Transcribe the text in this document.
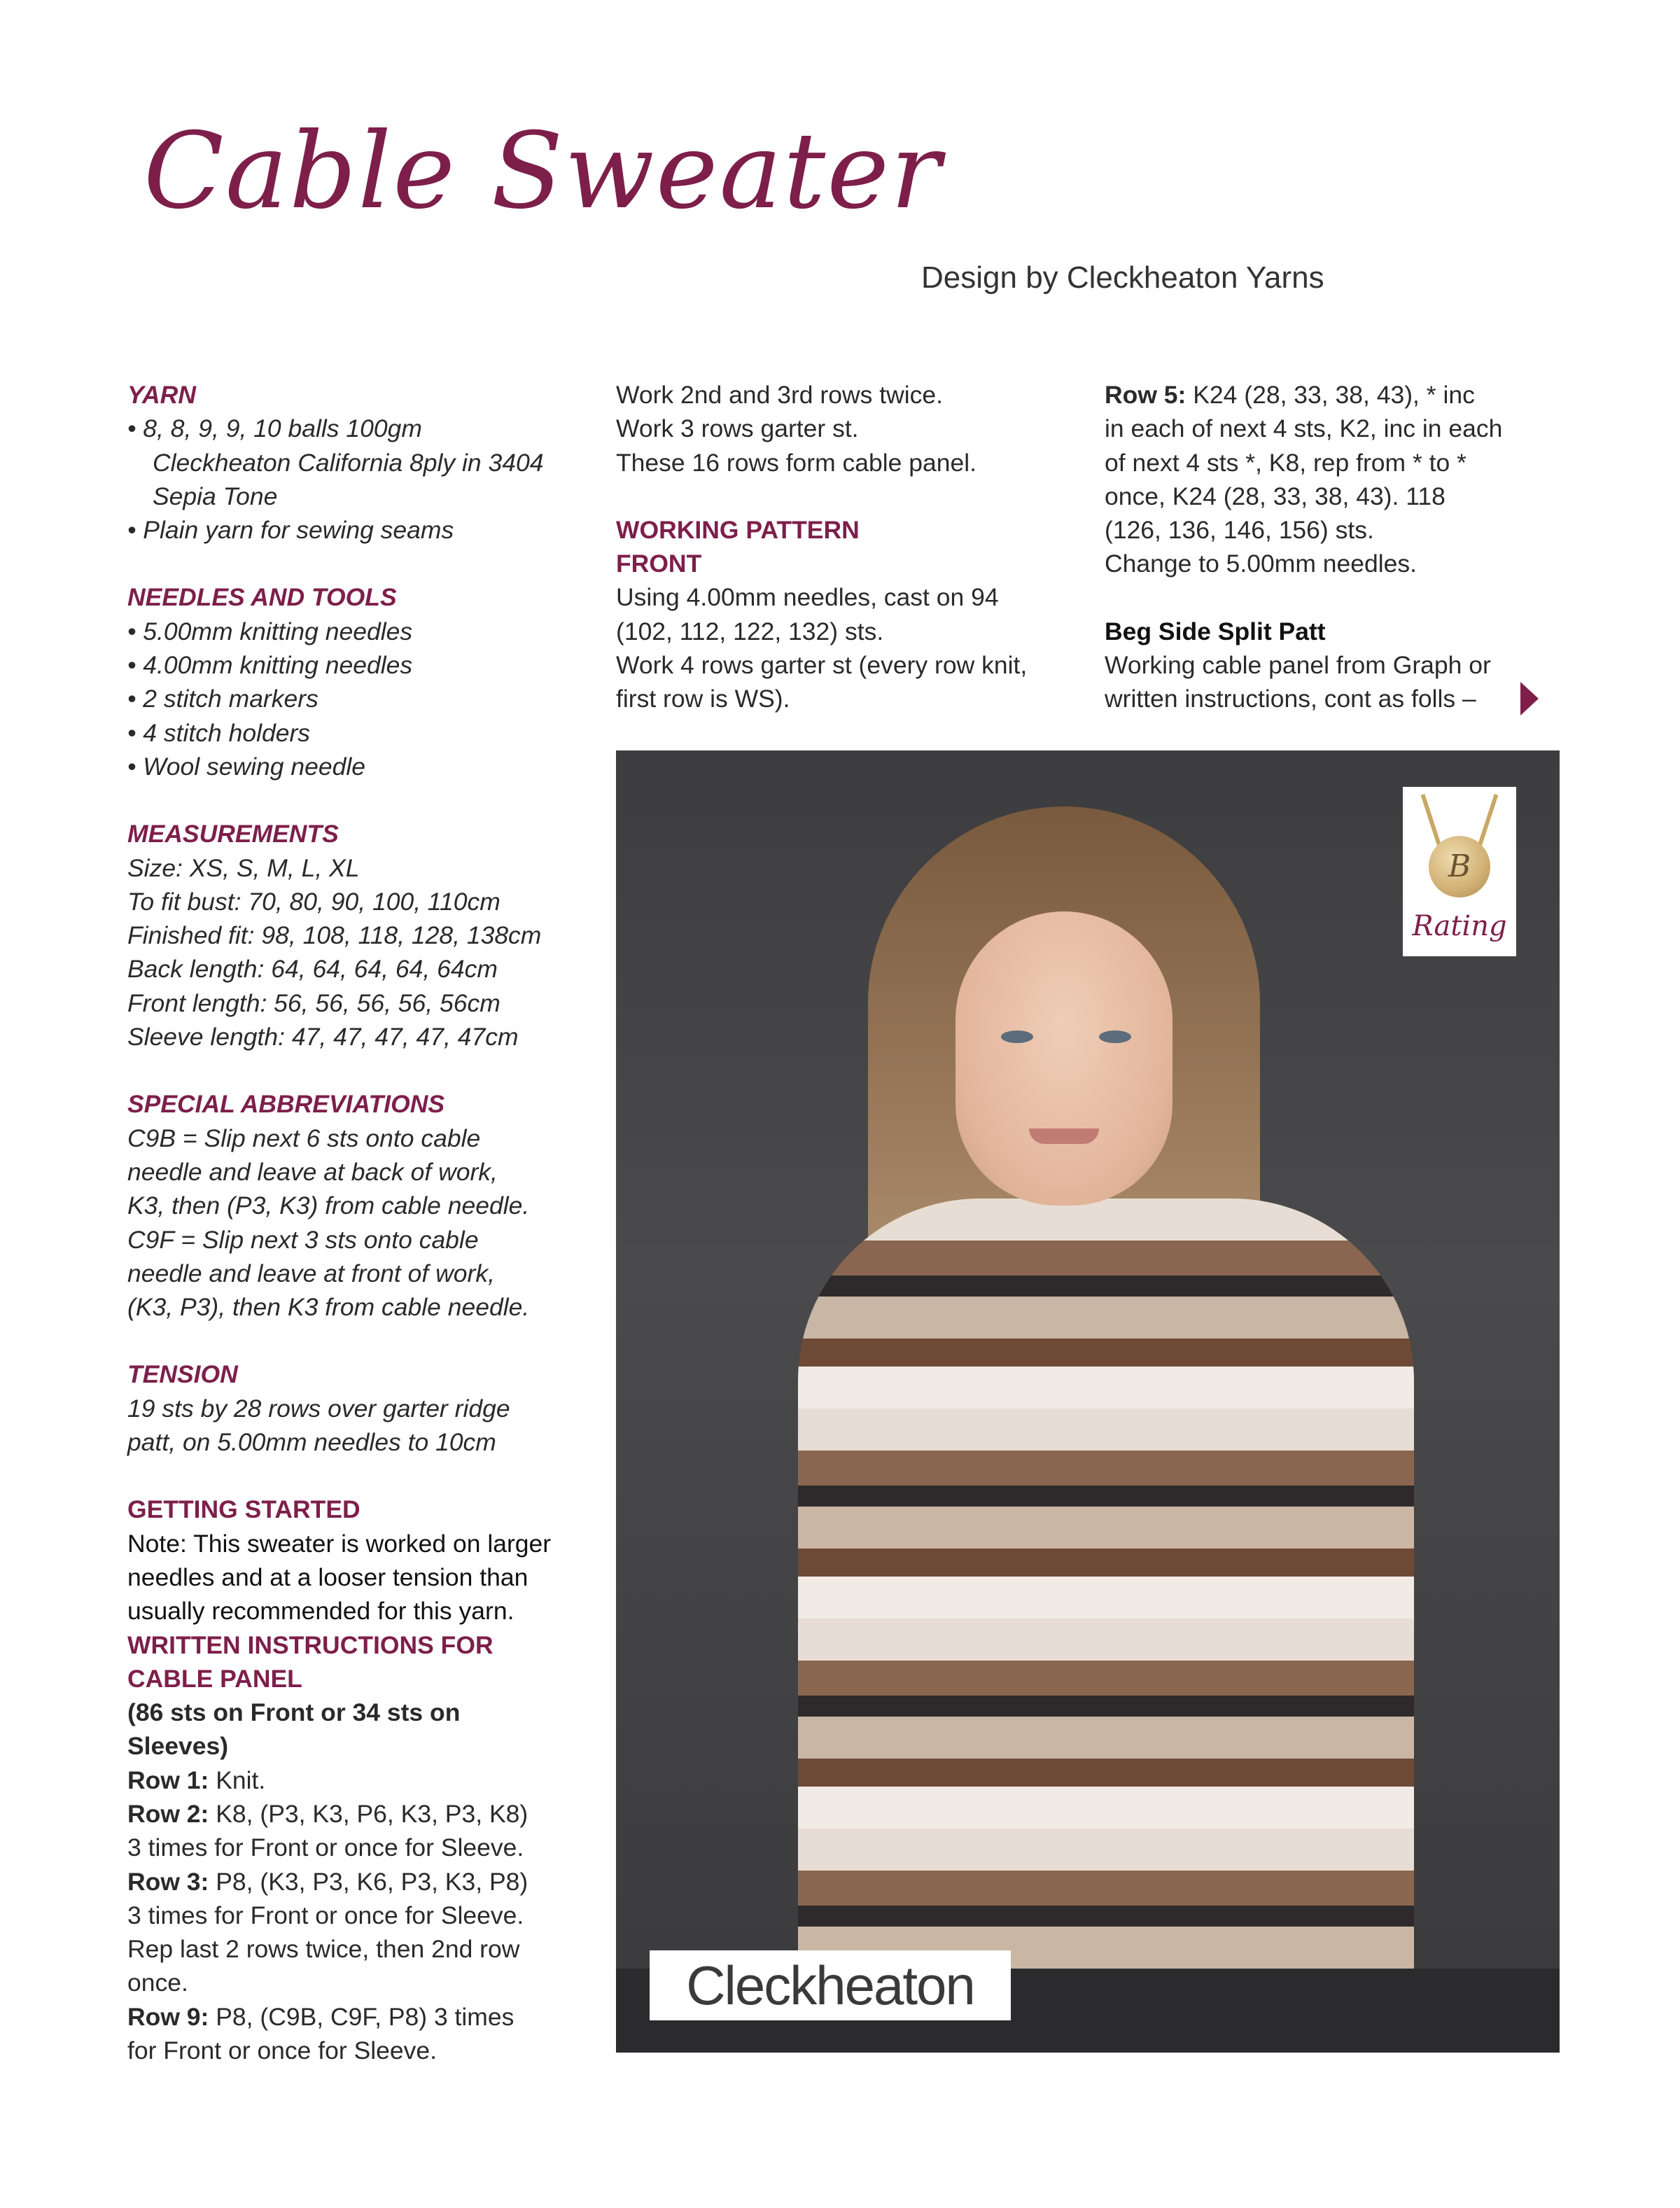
Cable Sweater
Design by Cleckheaton Yarns

YARN

• 8, 8, 9, 9, 10 balls 100gm

Cleckheaton California 8ply in 3404

Sepia Tone

• Plain yarn for sewing seams

NEEDLES AND TOOLS

• 5.00mm knitting needles

• 4.00mm knitting needles

• 2 stitch markers

• 4 stitch holders

• Wool sewing needle

MEASUREMENTS

Size: XS, S, M, L, XL

To fit bust: 70, 80, 90, 100, 110cm

Finished fit: 98, 108, 118, 128, 138cm

Back length: 64, 64, 64, 64, 64cm

Front length: 56, 56, 56, 56, 56cm

Sleeve length: 47, 47, 47, 47, 47cm

SPECIAL ABBREVIATIONS

C9B = Slip next 6 sts onto cable

needle and leave at back of work,

K3, then (P3, K3) from cable needle.

C9F = Slip next 3 sts onto cable

needle and leave at front of work,

(K3, P3), then K3 from cable needle.

TENSION

19 sts by 28 rows over garter ridge

patt, on 5.00mm needles to 10cm

GETTING STARTED

Note: This sweater is worked on larger

needles and at a looser tension than

usually recommended for this yarn.

WRITTEN INSTRUCTIONS FOR

CABLE PANEL

(86 sts on Front or 34 sts on

Sleeves)

Row 1: Knit.

Row 2: K8, (P3, K3, P6, K3, P3, K8)

3 times for Front or once for Sleeve.

Row 3: P8, (K3, P3, K6, P3, K3, P8)

3 times for Front or once for Sleeve.

Rep last 2 rows twice, then 2nd row

once.

Row 9: P8, (C9B, C9F, P8) 3 times

for Front or once for Sleeve.

Work 2nd and 3rd rows twice.

Work 3 rows garter st.

These 16 rows form cable panel.

WORKING PATTERN

FRONT

Using 4.00mm needles, cast on 94

(102, 112, 122, 132) sts.

Work 4 rows garter st (every row knit,

first row is WS).

Row 5: K24 (28, 33, 38, 43), * inc

in each of next 4 sts, K2, inc in each

of next 4 sts *, K8, rep from * to *

once, K24 (28, 33, 38, 43). 118

(126, 136, 146, 156) sts.

Change to 5.00mm needles.

Beg Side Split Patt

Working cable panel from Graph or

written instructions, cont as folls –

B
Rating
Cleckheaton
